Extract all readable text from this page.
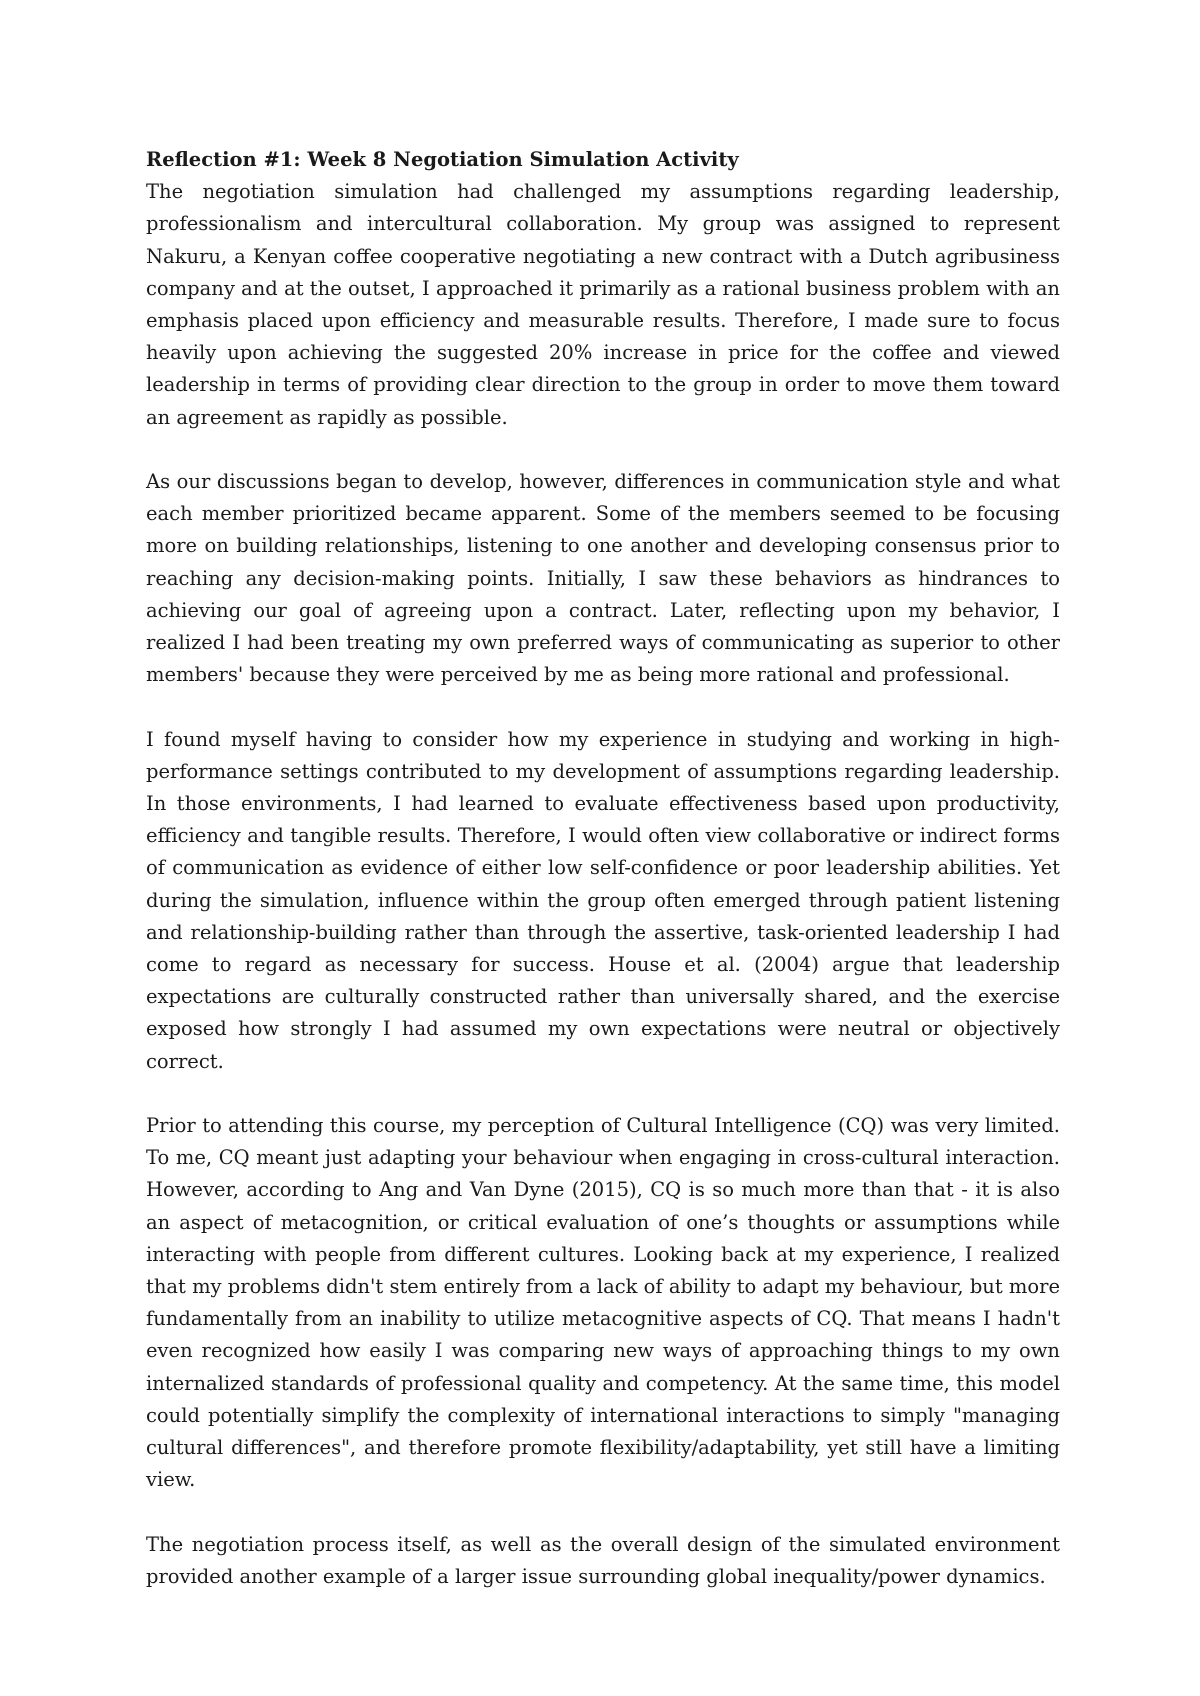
Reflection #1: Week 8 Negotiation Simulation Activity

The negotiation simulation had challenged my assumptions regarding leadership, professionalism and intercultural collaboration. My group was assigned to represent Nakuru, a Kenyan coffee cooperative negotiating a new contract with a Dutch agribusiness company and at the outset, I approached it primarily as a rational business problem with an emphasis placed upon efficiency and measurable results. Therefore, I made sure to focus heavily upon achieving the suggested 20% increase in price for the coffee and viewed leadership in terms of providing clear direction to the group in order to move them toward an agreement as rapidly as possible.

As our discussions began to develop, however, differences in communication style and what each member prioritized became apparent. Some of the members seemed to be focusing more on building relationships, listening to one another and developing consensus prior to reaching any decision-making points. Initially, I saw these behaviors as hindrances to achieving our goal of agreeing upon a contract. Later, reflecting upon my behavior, I realized I had been treating my own preferred ways of communicating as superior to other members' because they were perceived by me as being more rational and professional.

I found myself having to consider how my experience in studying and working in high-performance settings contributed to my development of assumptions regarding leadership. In those environments, I had learned to evaluate effectiveness based upon productivity, efficiency and tangible results. Therefore, I would often view collaborative or indirect forms of communication as evidence of either low self-confidence or poor leadership abilities. Yet during the simulation, influence within the group often emerged through patient listening and relationship-building rather than through the assertive, task-oriented leadership I had come to regard as necessary for success. House et al. (2004) argue that leadership expectations are culturally constructed rather than universally shared, and the exercise exposed how strongly I had assumed my own expectations were neutral or objectively correct.

Prior to attending this course, my perception of Cultural Intelligence (CQ) was very limited. To me, CQ meant just adapting your behaviour when engaging in cross-cultural interaction. However, according to Ang and Van Dyne (2015), CQ is so much more than that - it is also an aspect of metacognition, or critical evaluation of one’s thoughts or assumptions while interacting with people from different cultures. Looking back at my experience, I realized that my problems didn't stem entirely from a lack of ability to adapt my behaviour, but more fundamentally from an inability to utilize metacognitive aspects of CQ. That means I hadn't even recognized how easily I was comparing new ways of approaching things to my own internalized standards of professional quality and competency. At the same time, this model could potentially simplify the complexity of international interactions to simply "managing cultural differences", and therefore promote flexibility/adaptability, yet still have a limiting view.

The negotiation process itself, as well as the overall design of the simulated environment provided another example of a larger issue surrounding global inequality/power dynamics.
